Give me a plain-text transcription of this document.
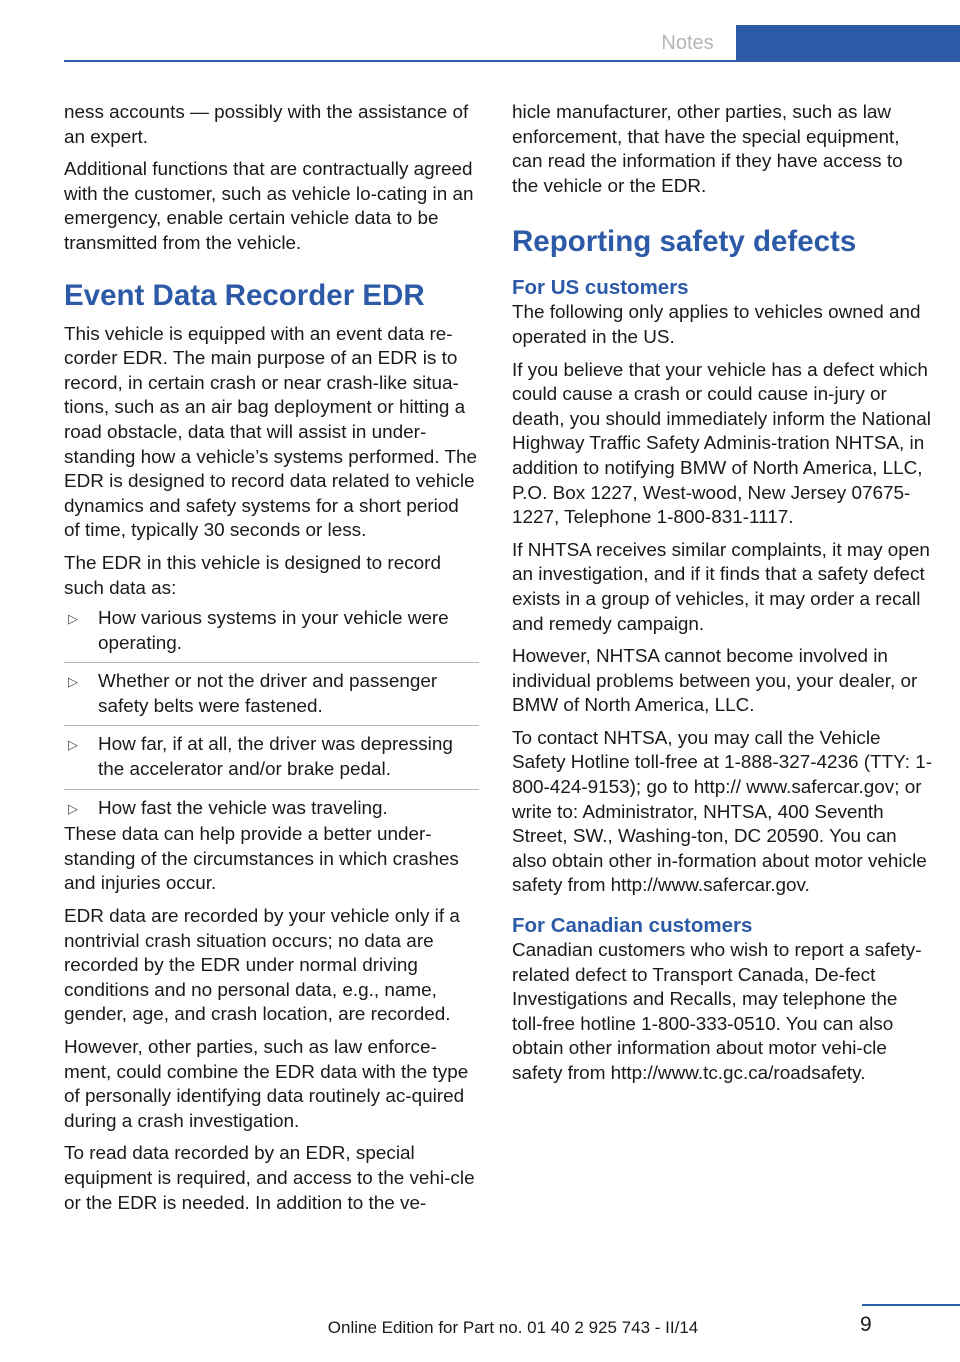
Notes

ness accounts — possibly with the assistance of an expert.

Additional functions that are contractually agreed with the customer, such as vehicle lo‐cating in an emergency, enable certain vehicle data to be transmitted from the vehicle.

Event Data Recorder EDR

This vehicle is equipped with an event data re‐corder EDR. The main purpose of an EDR is to record, in certain crash or near crash-like situa‐tions, such as an air bag deployment or hitting a road obstacle, data that will assist in under‐standing how a vehicle’s systems performed. The EDR is designed to record data related to vehicle dynamics and safety systems for a short period of time, typically 30 seconds or less.

The EDR in this vehicle is designed to record such data as:

▷ How various systems in your vehicle were operating.
▷ Whether or not the driver and passenger safety belts were fastened.
▷ How far, if at all, the driver was depressing the accelerator and/or brake pedal.
▷ How fast the vehicle was traveling.

These data can help provide a better under‐standing of the circumstances in which crashes and injuries occur.

EDR data are recorded by your vehicle only if a nontrivial crash situation occurs; no data are recorded by the EDR under normal driving conditions and no personal data, e.g., name, gender, age, and crash location, are recorded.

However, other parties, such as law enforce‐ment, could combine the EDR data with the type of personally identifying data routinely ac‐quired during a crash investigation.

To read data recorded by an EDR, special equipment is required, and access to the vehi‐cle or the EDR is needed. In addition to the ve‐

hicle manufacturer, other parties, such as law enforcement, that have the special equipment, can read the information if they have access to the vehicle or the EDR.

Reporting safety defects
For US customers

The following only applies to vehicles owned and operated in the US.

If you believe that your vehicle has a defect which could cause a crash or could cause in‐jury or death, you should immediately inform the National Highway Traffic Safety Adminis‐tration NHTSA, in addition to notifying BMW of North America, LLC, P.O. Box 1227, West‐wood, New Jersey 07675-1227, Telephone 1-800-831-1117.

If NHTSA receives similar complaints, it may open an investigation, and if it finds that a safety defect exists in a group of vehicles, it may order a recall and remedy campaign.

However, NHTSA cannot become involved in individual problems between you, your dealer, or BMW of North America, LLC.

To contact NHTSA, you may call the Vehicle Safety Hotline toll-free at 1-888-327-4236 (TTY: 1-800-424-9153); go to http:// www.safercar.gov; or write to: Administrator, NHTSA, 400 Seventh Street, SW., Washing‐ton, DC 20590. You can also obtain other in‐formation about motor vehicle safety from http://www.safercar.gov.

For Canadian customers

Canadian customers who wish to report a safety-related defect to Transport Canada, De‐fect Investigations and Recalls, may telephone the toll-free hotline 1-800-333-0510. You can also obtain other information about motor vehi‐cle safety from http://www.tc.gc.ca/roadsafety.

9
Online Edition for Part no. 01 40 2 925 743 - II/14
